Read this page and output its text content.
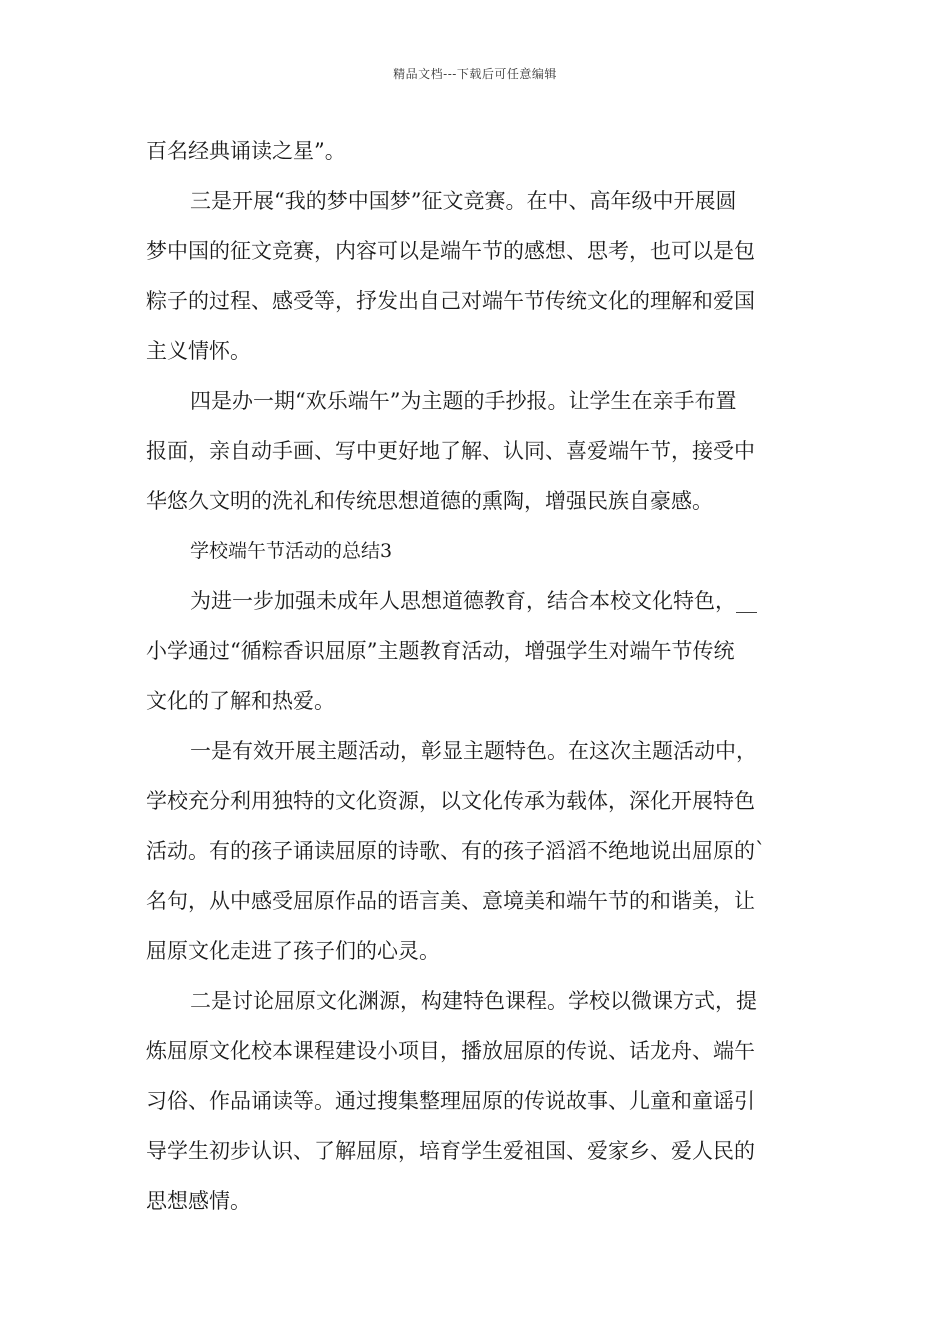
精品文档---下载后可任意编辑
百名经典诵读之星”。
三是开展“我的梦中国梦”征文竞赛。在中、高年级中开展圆
梦中国的征文竞赛，内容可以是端午节的感想、思考，也可以是包
粽子的过程、感受等，抒发出自己对端午节传统文化的理解和爱国
主义情怀。
四是办一期“欢乐端午”为主题的手抄报。让学生在亲手布置
报面，亲自动手画、写中更好地了解、认同、喜爱端午节，接受中
华悠久文明的洗礼和传统思想道德的熏陶，增强民族自豪感。
学校端午节活动的总结3
为进一步加强未成年人思想道德教育，结合本校文化特色，__
小学通过“循粽香识屈原”主题教育活动，增强学生对端午节传统
文化的了解和热爱。
一是有效开展主题活动，彰显主题特色。在这次主题活动中，
学校充分利用独特的文化资源，以文化传承为载体，深化开展特色
活动。有的孩子诵读屈原的诗歌、有的孩子滔滔不绝地说出屈原的`
名句，从中感受屈原作品的语言美、意境美和端午节的和谐美，让
屈原文化走进了孩子们的心灵。
二是讨论屈原文化渊源，构建特色课程。学校以微课方式，提
炼屈原文化校本课程建设小项目，播放屈原的传说、话龙舟、端午
习俗、作品诵读等。通过搜集整理屈原的传说故事、儿童和童谣引
导学生初步认识、了解屈原，培育学生爱祖国、爱家乡、爱人民的
思想感情。
